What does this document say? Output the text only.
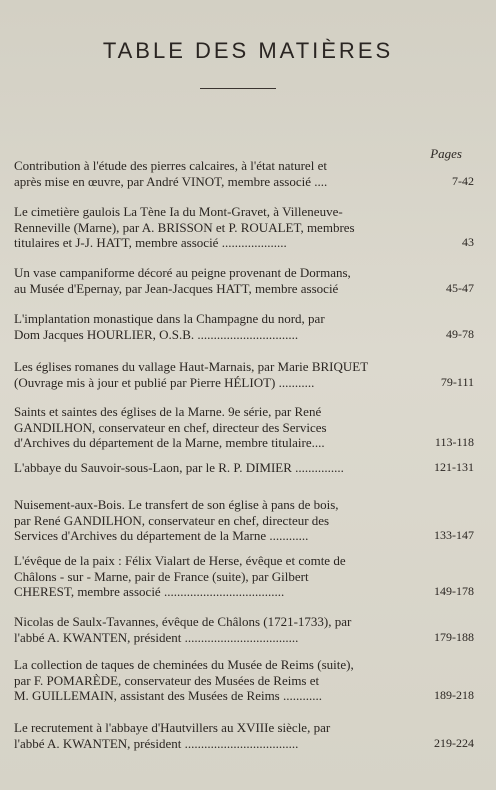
TABLE DES MATIÈRES
Pages
Contribution à l'étude des pierres calcaires, à l'état naturel et
après mise en œuvre, par André VINOT, membre associé ....	7-42
Le cimetière gaulois La Tène Ia du Mont-Gravet, à Villeneuve-
Renneville (Marne), par A. BRISSON et P. ROUALET, membres
titulaires et J-J. HATT, membre associé ....................	43
Un vase campaniforme décoré au peigne provenant de Dormans,
au Musée d'Epernay, par Jean-Jacques HATT, membre associé	45-47
L'implantation monastique dans la Champagne du nord, par
Dom Jacques HOURLIER, O.S.B. ...............................	49-78
Les églises romanes du vallage Haut-Marnais, par Marie BRIQUET
(Ouvrage mis à jour et publié par Pierre HÉLIOT) ...........	79-111
Saints et saintes des églises de la Marne. 9e série, par René
GANDILHON, conservateur en chef, directeur des Services
d'Archives du département de la Marne, membre titulaire....	113-118
L'abbaye du Sauvoir-sous-Laon, par le R. P. DIMIER ...............	121-131
Nuisement-aux-Bois. Le transfert de son église à pans de bois,
par René GANDILHON, conservateur en chef, directeur des
Services d'Archives du département de la Marne ............	133-147
L'évêque de la paix : Félix Vialart de Herse, évêque et comte de
Châlons - sur - Marne, pair de France (suite), par Gilbert
CHEREST, membre associé .....................................	149-178
Nicolas de Saulx-Tavannes, évêque de Châlons (1721-1733), par
l'abbé A. KWANTEN, président ...................................	179-188
La collection de taques de cheminées du Musée de Reims (suite),
par F. POMARÈDE, conservateur des Musées de Reims et
M. GUILLEMAIN, assistant des Musées de Reims ............	189-218
Le recrutement à l'abbaye d'Hautvillers au XVIIIe siècle, par
l'abbé A. KWANTEN, président ...................................	219-224
